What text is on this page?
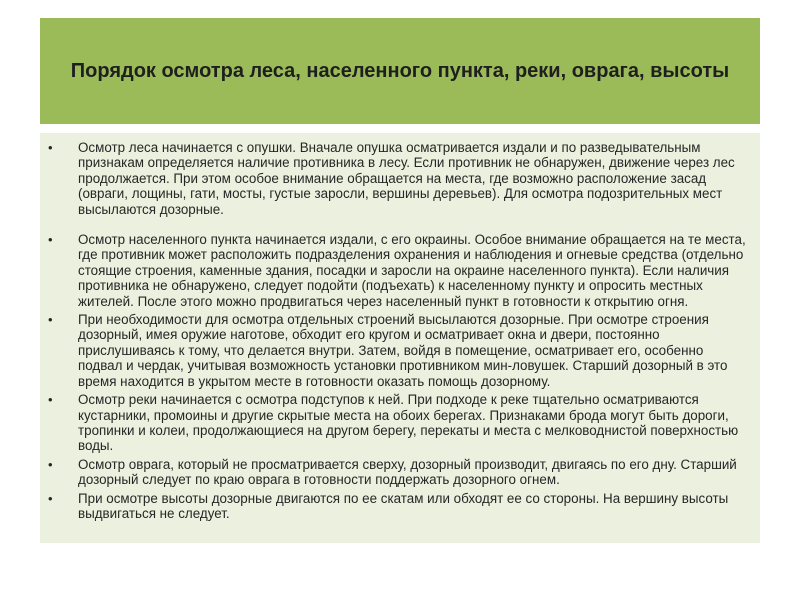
Порядок осмотра леса, населенного пункта, реки, оврага, высоты
• Осмотр леса начинается с опушки. Вначале опушка осматривается издали и по разведывательным признакам определяется наличие противника в лесу. Если противник не обнаружен, движение через лес продолжается. При этом особое внимание обращается на места, где возможно расположение засад (овраги, лощины, гати, мосты, густые заросли, вершины деревьев). Для осмотра подозрительных мест высылаются дозорные.
• Осмотр населенного пункта начинается издали, с его окраины. Особое внимание обращается на те места, где противник может расположить подразделения охранения и наблюдения и огневые средства (отдельно стоящие строения, каменные здания, посадки и заросли на окраине населенного пункта). Если наличия противника не обнаружено, следует подойти (подъехать) к населенному пункту и опросить местных жителей. После этого можно продвигаться через населенный пункт в готовности к открытию огня.
• При необходимости для осмотра отдельных строений высылаются дозорные. При осмотре строения дозорный, имея оружие наготове, обходит его кругом и осматривает окна и двери, постоянно прислушиваясь к тому, что делается внутри. Затем, войдя в помещение, осматривает его, особенно подвал и чердак, учитывая возможность установки противником мин-ловушек. Старший дозорный в это время находится в укрытом месте в готовности оказать помощь дозорному.
• Осмотр реки начинается с осмотра подступов к ней. При подходе к реке тщательно осматриваются кустарники, промоины и другие скрытые места на обоих берегах. Признаками брода могут быть дороги, тропинки и колеи, продолжающиеся на другом берегу, перекаты и места с мелководнистой поверхностью воды.
• Осмотр оврага, который не просматривается сверху, дозорный производит, двигаясь по его дну. Старший дозорный следует по краю оврага в готовности поддержать дозорного огнем.
• При осмотре высоты дозорные двигаются по ее скатам или обходят ее со стороны. На вершину высоты выдвигаться не следует.
